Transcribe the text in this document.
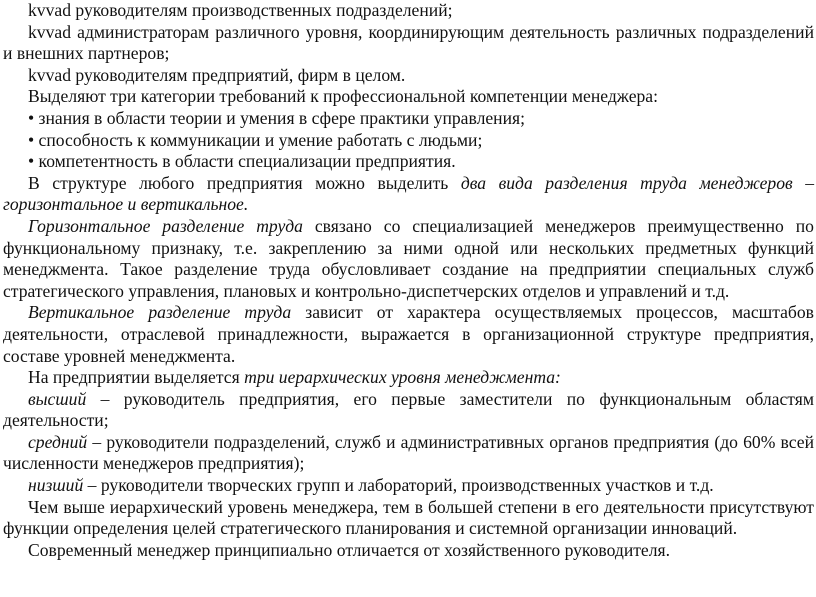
kvvad руководителям производственных подразделений;

kvvad администраторам различного уровня, координирующим деятельность различных подразделений и внешних партнеров;

kvvad руководителям предприятий, фирм в целом.

Выделяют три категории требований к профессиональной компетенции менеджера:

• знания в области теории и умения в сфере практики управления;

• способность к коммуникации и умение работать с людьми;

• компетентность в области специализации предприятия.

В структуре любого предприятия можно выделить два вида разделения труда менеджеров – горизонтальное и вертикальное.

Горизонтальное разделение труда связано со специализацией менеджеров преимущественно по функциональному признаку, т.е. закреплению за ними одной или нескольких предметных функций менеджмента. Такое разделение труда обусловливает создание на предприятии специальных служб стратегического управления, плановых и контрольно-диспетчерских отделов и управлений и т.д.

Вертикальное разделение труда зависит от характера осуществляемых процессов, масштабов деятельности, отраслевой принадлежности, выражается в организационной структуре предприятия, составе уровней менеджмента.

На предприятии выделяется три иерархических уровня менеджмента:

высший – руководитель предприятия, его первые заместители по функциональным областям деятельности;

средний – руководители подразделений, служб и административных органов предприятия (до 60% всей численности менеджеров предприятия);

низший – руководители творческих групп и лабораторий, производственных участков и т.д.

Чем выше иерархический уровень менеджера, тем в большей степени в его деятельности присутствуют функции определения целей стратегического планирования и системной организации инноваций.

Современный менеджер принципиально отличается от хозяйственного руководителя.
